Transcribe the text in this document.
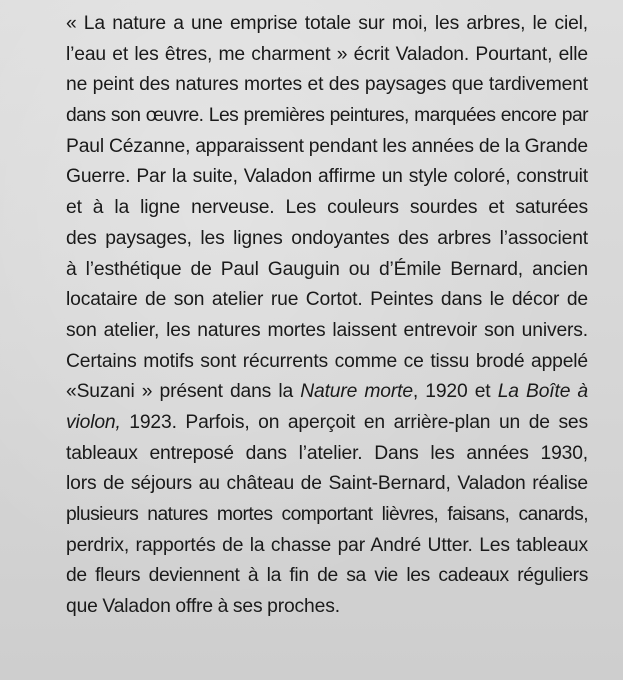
« La nature a une emprise totale sur moi, les arbres, le ciel,
l’eau et les êtres, me charment » écrit Valadon. Pourtant, elle
ne peint des natures mortes et des paysages que tardivement
dans son œuvre. Les premières peintures, marquées encore par
Paul Cézanne, apparaissent pendant les années de la Grande
Guerre. Par la suite, Valadon affirme un style coloré, construit
et à la ligne nerveuse. Les couleurs sourdes et saturées
des paysages, les lignes ondoyantes des arbres l’associent
à l’esthétique de Paul Gauguin ou d’Émile Bernard, ancien
locataire de son atelier rue Cortot. Peintes dans le décor de
son atelier, les natures mortes laissent entrevoir son univers.
Certains motifs sont récurrents comme ce tissu brodé appelé
«Suzani » présent dans la Nature morte, 1920 et La Boîte à
violon, 1923. Parfois, on aperçoit en arrière-plan un de ses
tableaux entreposé dans l’atelier. Dans les années 1930,
lors de séjours au château de Saint-Bernard, Valadon réalise
plusieurs natures mortes comportant lièvres, faisans, canards,
perdrix, rapportés de la chasse par André Utter. Les tableaux
de fleurs deviennent à la fin de sa vie les cadeaux réguliers
que Valadon offre à ses proches.
